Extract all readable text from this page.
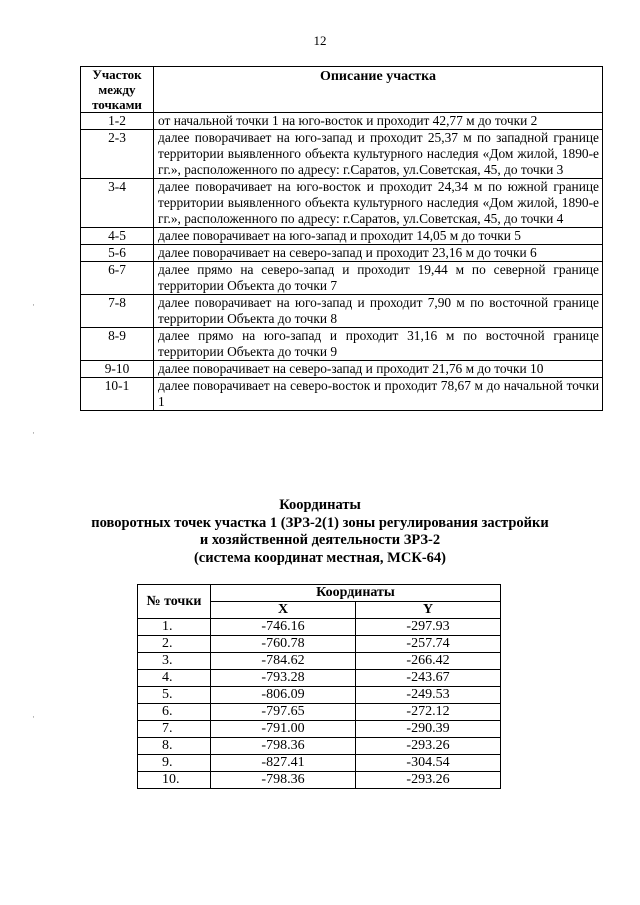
12
·
·
·
Участок между точками	Описание участка
1-2	от начальной точки 1 на юго-восток и проходит 42,77 м до точки 2
2-3	далее поворачивает на юго-запад и проходит 25,37 м по западной границе территории выявленного объекта культурного наследия «Дом жилой, 1890-е гг.», расположенного по адресу: г.Саратов, ул.Советская, 45, до точки 3
3-4	далее поворачивает на юго-восток и проходит 24,34 м по южной границе территории выявленного объекта культурного наследия «Дом жилой, 1890-е гг.», расположенного по адресу: г.Саратов, ул.Советская, 45, до точки 4
4-5	далее поворачивает на юго-запад и проходит 14,05 м до точки 5
5-6	далее поворачивает на северо-запад и проходит 23,16 м до точки 6
6-7	далее прямо на северо-запад и проходит 19,44 м по северной границе территории Объекта до точки 7
7-8	далее поворачивает на юго-запад и проходит 7,90 м по восточной границе территории Объекта до точки 8
8-9	далее прямо на юго-запад и проходит 31,16 м по восточной границе территории Объекта до точки 9
9-10	далее поворачивает на северо-запад и проходит 21,76 м до точки 10
10-1	далее поворачивает на северо-восток и проходит 78,67 м до начальной точки 1
Координаты
поворотных точек участка 1 (ЗРЗ-2(1) зоны регулирования застройки
и хозяйственной деятельности ЗРЗ-2
(система координат местная, МСК-64)
№ точки	Координаты	
	X	Y
1.	-746.16	-297.93
2.	-760.78	-257.74
3.	-784.62	-266.42
4.	-793.28	-243.67
5.	-806.09	-249.53
6.	-797.65	-272.12
7.	-791.00	-290.39
8.	-798.36	-293.26
9.	-827.41	-304.54
10.	-798.36	-293.26
